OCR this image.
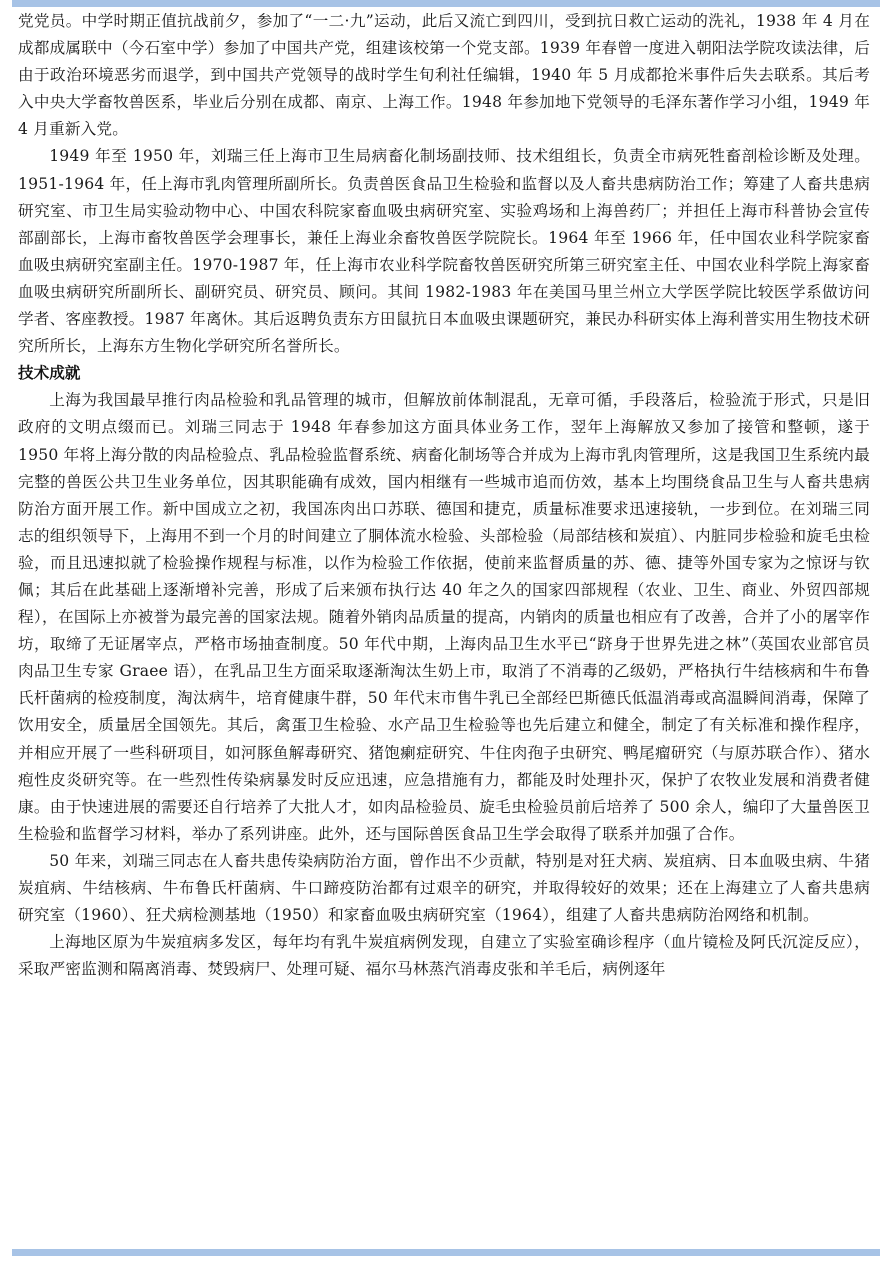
党党员。中学时期正值抗战前夕，参加了“一二·九”运动，此后又流亡到四川，受到抗日救亡运动的洗礼，1938 年 4 月在成都成属联中（今石室中学）参加了中国共产党，组建该校第一个党支部。1939 年春曾一度进入朝阳法学院攻读法律，后由于政治环境恶劣而退学，到中国共产党领导的战时学生旬利社任编辑，1940 年 5 月成都抢米事件后失去联系。其后考入中央大学畜牧兽医系，毕业后分别在成都、南京、上海工作。1948 年参加地下党领导的毛泽东著作学习小组，1949 年 4 月重新入党。

1949 年至 1950 年，刘瑞三任上海市卫生局病畜化制场副技师、技术组组长，负责全市病死牲畜剖检诊断及处理。1951-1964 年，任上海市乳肉管理所副所长。负责兽医食品卫生检验和监督以及人畜共患病防治工作；筹建了人畜共患病研究室、市卫生局实验动物中心、中国农科院家畜血吸虫病研究室、实验鸡场和上海兽药厂；并担任上海市科普协会宣传部副部长，上海市畜牧兽医学会理事长，兼任上海业余畜牧兽医学院院长。1964 年至 1966 年，任中国农业科学院家畜血吸虫病研究室副主任。1970-1987 年，任上海市农业科学院畜牧兽医研究所第三研究室主任、中国农业科学院上海家畜血吸虫病研究所副所长、副研究员、研究员、顾问。其间 1982-1983 年在美国马里兰州立大学医学院比较医学系做访问学者、客座教授。1987 年离休。其后返聘负责东方田鼠抗日本血吸虫课题研究，兼民办科研实体上海利普实用生物技术研究所所长，上海东方生物化学研究所名誉所长。

技术成就

上海为我国最早推行肉品检验和乳品管理的城市，但解放前体制混乱，无章可循，手段落后，检验流于形式，只是旧政府的文明点缀而已。刘瑞三同志于 1948 年春参加这方面具体业务工作，翌年上海解放又参加了接管和整顿，遂于 1950 年将上海分散的肉品检验点、乳品检验监督系统、病畜化制场等合并成为上海市乳肉管理所，这是我国卫生系统内最完整的兽医公共卫生业务单位，因其职能确有成效，国内相继有一些城市追而仿效，基本上均围绕食品卫生与人畜共患病防治方面开展工作。新中国成立之初，我国冻肉出口苏联、德国和捷克，质量标准要求迅速接轨，一步到位。在刘瑞三同志的组织领导下，上海用不到一个月的时间建立了胴体流水检验、头部检验（局部结核和炭疽）、内脏同步检验和旋毛虫检验，而且迅速拟就了检验操作规程与标准，以作为检验工作依据，使前来监督质量的苏、德、捷等外国专家为之惊讶与钦佩；其后在此基础上逐渐增补完善，形成了后来颁布执行达 40 年之久的国家四部规程（农业、卫生、商业、外贸四部规程），在国际上亦被誉为最完善的国家法规。随着外销肉品质量的提高，内销肉的质量也相应有了改善，合并了小的屠宰作坊，取缔了无证屠宰点，严格市场抽查制度。50 年代中期，上海肉品卫生水平已“跻身于世界先进之林”（英国农业部官员肉品卫生专家 Graee 语），在乳品卫生方面采取逐渐淘汰生奶上市，取消了不消毒的乙级奶，严格执行牛结核病和牛布鲁氏杆菌病的检疫制度，淘汰病牛，培育健康牛群，50 年代末市售牛乳已全部经巴斯德氏低温消毒或高温瞬间消毒，保障了饮用安全，质量居全国领先。其后，禽蛋卫生检验、水产品卫生检验等也先后建立和健全，制定了有关标准和操作程序，并相应开展了一些科研项目，如河豚鱼解毒研究、猪饱瘌症研究、牛住肉孢子虫研究、鸭尾瘤研究（与原苏联合作）、猪水疱性皮炎研究等。在一些烈性传染病暴发时反应迅速，应急措施有力，都能及时处理扑灭，保护了农牧业发展和消费者健康。由于快速进展的需要还自行培养了大批人才，如肉品检验员、旋毛虫检验员前后培养了 500 余人，编印了大量兽医卫生检验和监督学习材料，举办了系列讲座。此外，还与国际兽医食品卫生学会取得了联系并加强了合作。

50 年来，刘瑞三同志在人畜共患传染病防治方面，曾作出不少贡献，特别是对狂犬病、炭疽病、日本血吸虫病、牛猪炭疽病、牛结核病、牛布鲁氏杆菌病、牛口蹄疫防治都有过艰辛的研究，并取得较好的效果；还在上海建立了人畜共患病研究室（1960）、狂犬病检测基地（1950）和家畜血吸虫病研究室（1964），组建了人畜共患病防治网络和机制。

上海地区原为牛炭疽病多发区，每年均有乳牛炭疽病例发现，自建立了实验室确诊程序（血片镜检及阿氏沉淀反应），采取严密监测和隔离消毒、焚毁病尸、处理可疑、福尔马林蒸汽消毒皮张和羊毛后，病例逐年
